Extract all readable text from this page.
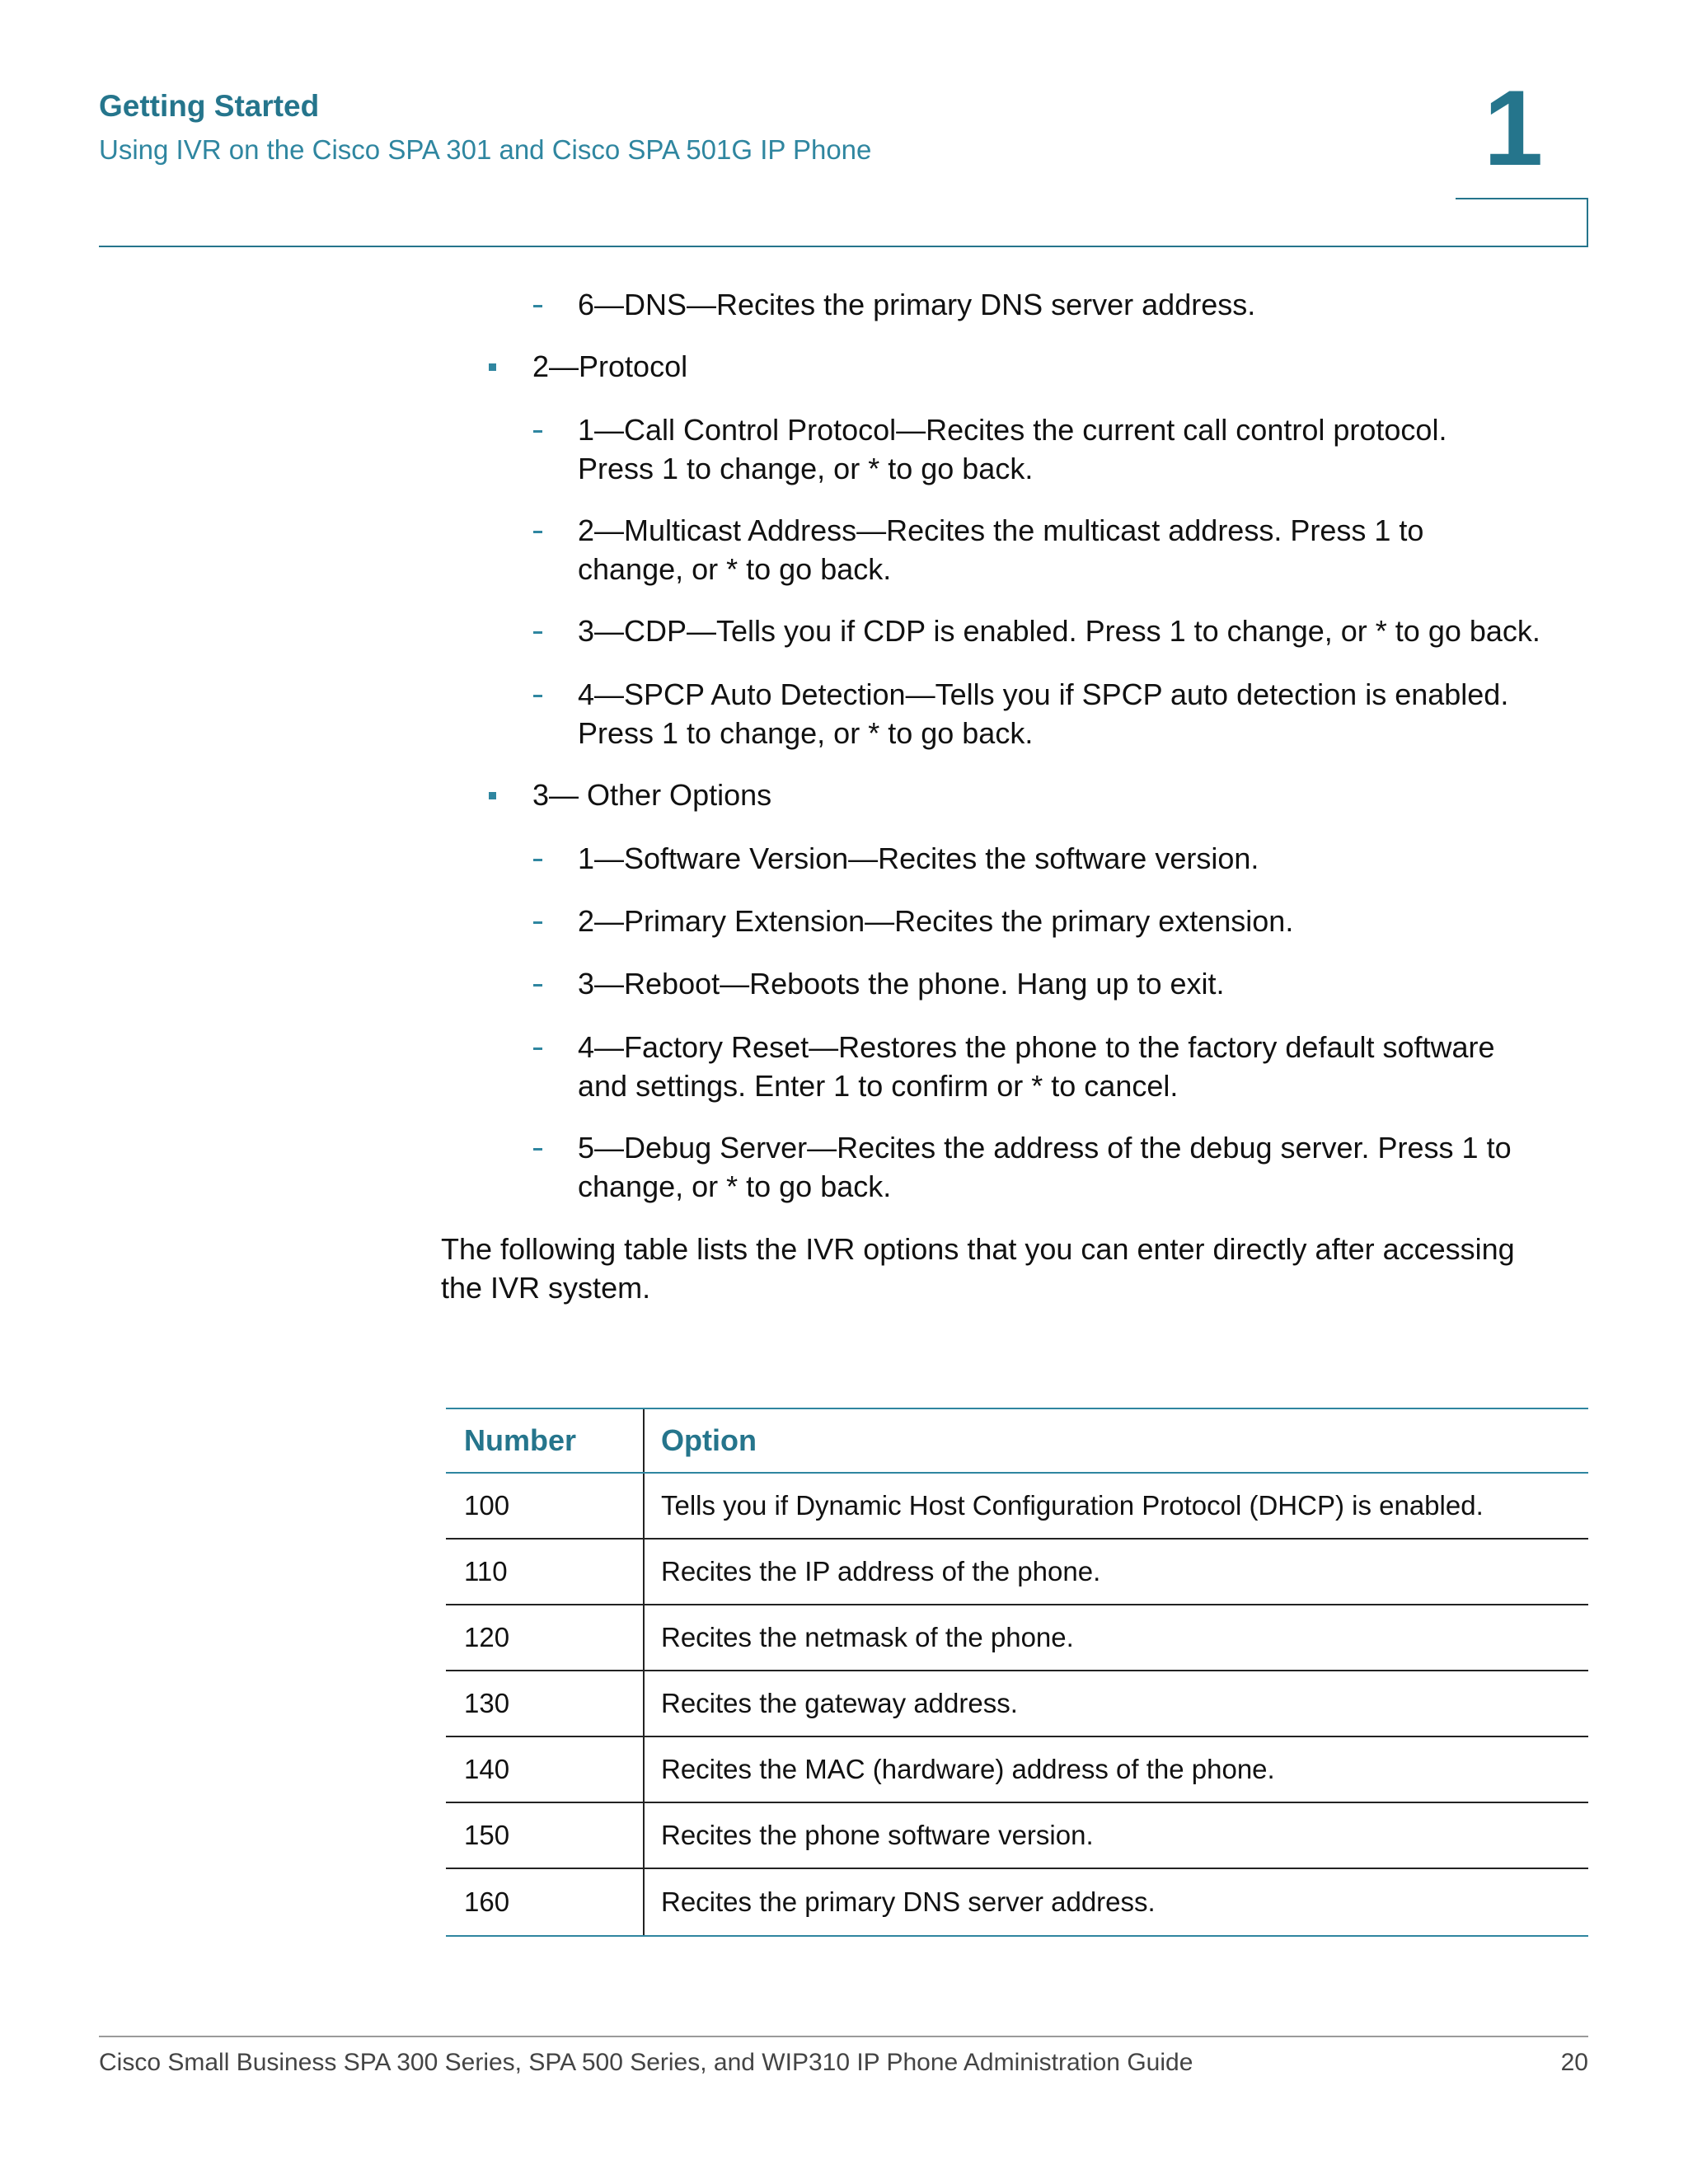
Getting Started
Using IVR on the Cisco SPA 301 and Cisco SPA 501G IP Phone	1
6—DNS—Recites the primary DNS server address.
2—Protocol
1—Call Control Protocol—Recites the current call control protocol.
Press 1 to change, or * to go back.
2—Multicast Address—Recites the multicast address. Press 1 to
change, or * to go back.
3—CDP—Tells you if CDP is enabled. Press 1 to change, or * to go back.
4—SPCP Auto Detection—Tells you if SPCP auto detection is enabled.
Press 1 to change, or * to go back.
3— Other Options
1—Software Version—Recites the software version.
2—Primary Extension—Recites the primary extension.
3—Reboot—Reboots the phone. Hang up to exit.
4—Factory Reset—Restores the phone to the factory default software
and settings. Enter 1 to confirm or * to cancel.
5—Debug Server—Recites the address of the debug server. Press 1 to
change, or * to go back.
The following table lists the IVR options that you can enter directly after accessing
the IVR system.
Number	Option
100	Tells you if Dynamic Host Configuration Protocol (DHCP) is enabled.
110	Recites the IP address of the phone.
120	Recites the netmask of the phone.
130	Recites the gateway address.
140	Recites the MAC (hardware) address of the phone.
150	Recites the phone software version.
160	Recites the primary DNS server address.
Cisco Small Business SPA 300 Series, SPA 500 Series, and WIP310 IP Phone Administration Guide	20
